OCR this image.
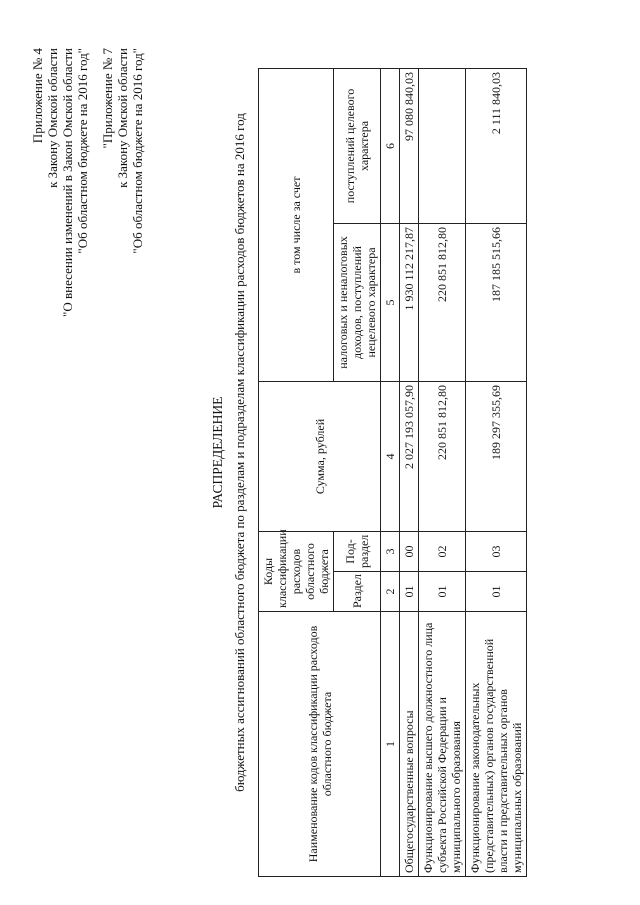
Приложение № 4 к Закону Омской области "О внесении изменений в Закон Омской области "Об областном бюджете на 2016 год" "Приложение № 7 к Закону Омской области "Об областном бюджете на 2016 год"
РАСПРЕДЕЛЕНИЕ бюджетных ассигнований областного бюджета по разделам и подразделам классификации расходов бюджетов на 2016 год	Наименование кодов классификации расходов областного бюджета	Коды классификации расходов областного бюджета		Сумма, рублей	в том числе за счет	
	Раздел	Под-раздел		налоговых и неналоговых доходов, поступлений нецелевого характера	поступлений целевого характера

1	2	3	4	5	6
Общегосударственные вопросы	01	00	2 027 193 057,90	1 930 112 217,87	97 080 840,03
Функционирование высшего должностного лица субъекта Российской Федерации и муниципального образования	01	02	220 851 812,80	220 851 812,80	
Функционирование законодательных (представительных) органов государственной власти и представительных органов муниципальных образований	01	03	189 297 355,69	187 185 515,66	2 111 840,03
